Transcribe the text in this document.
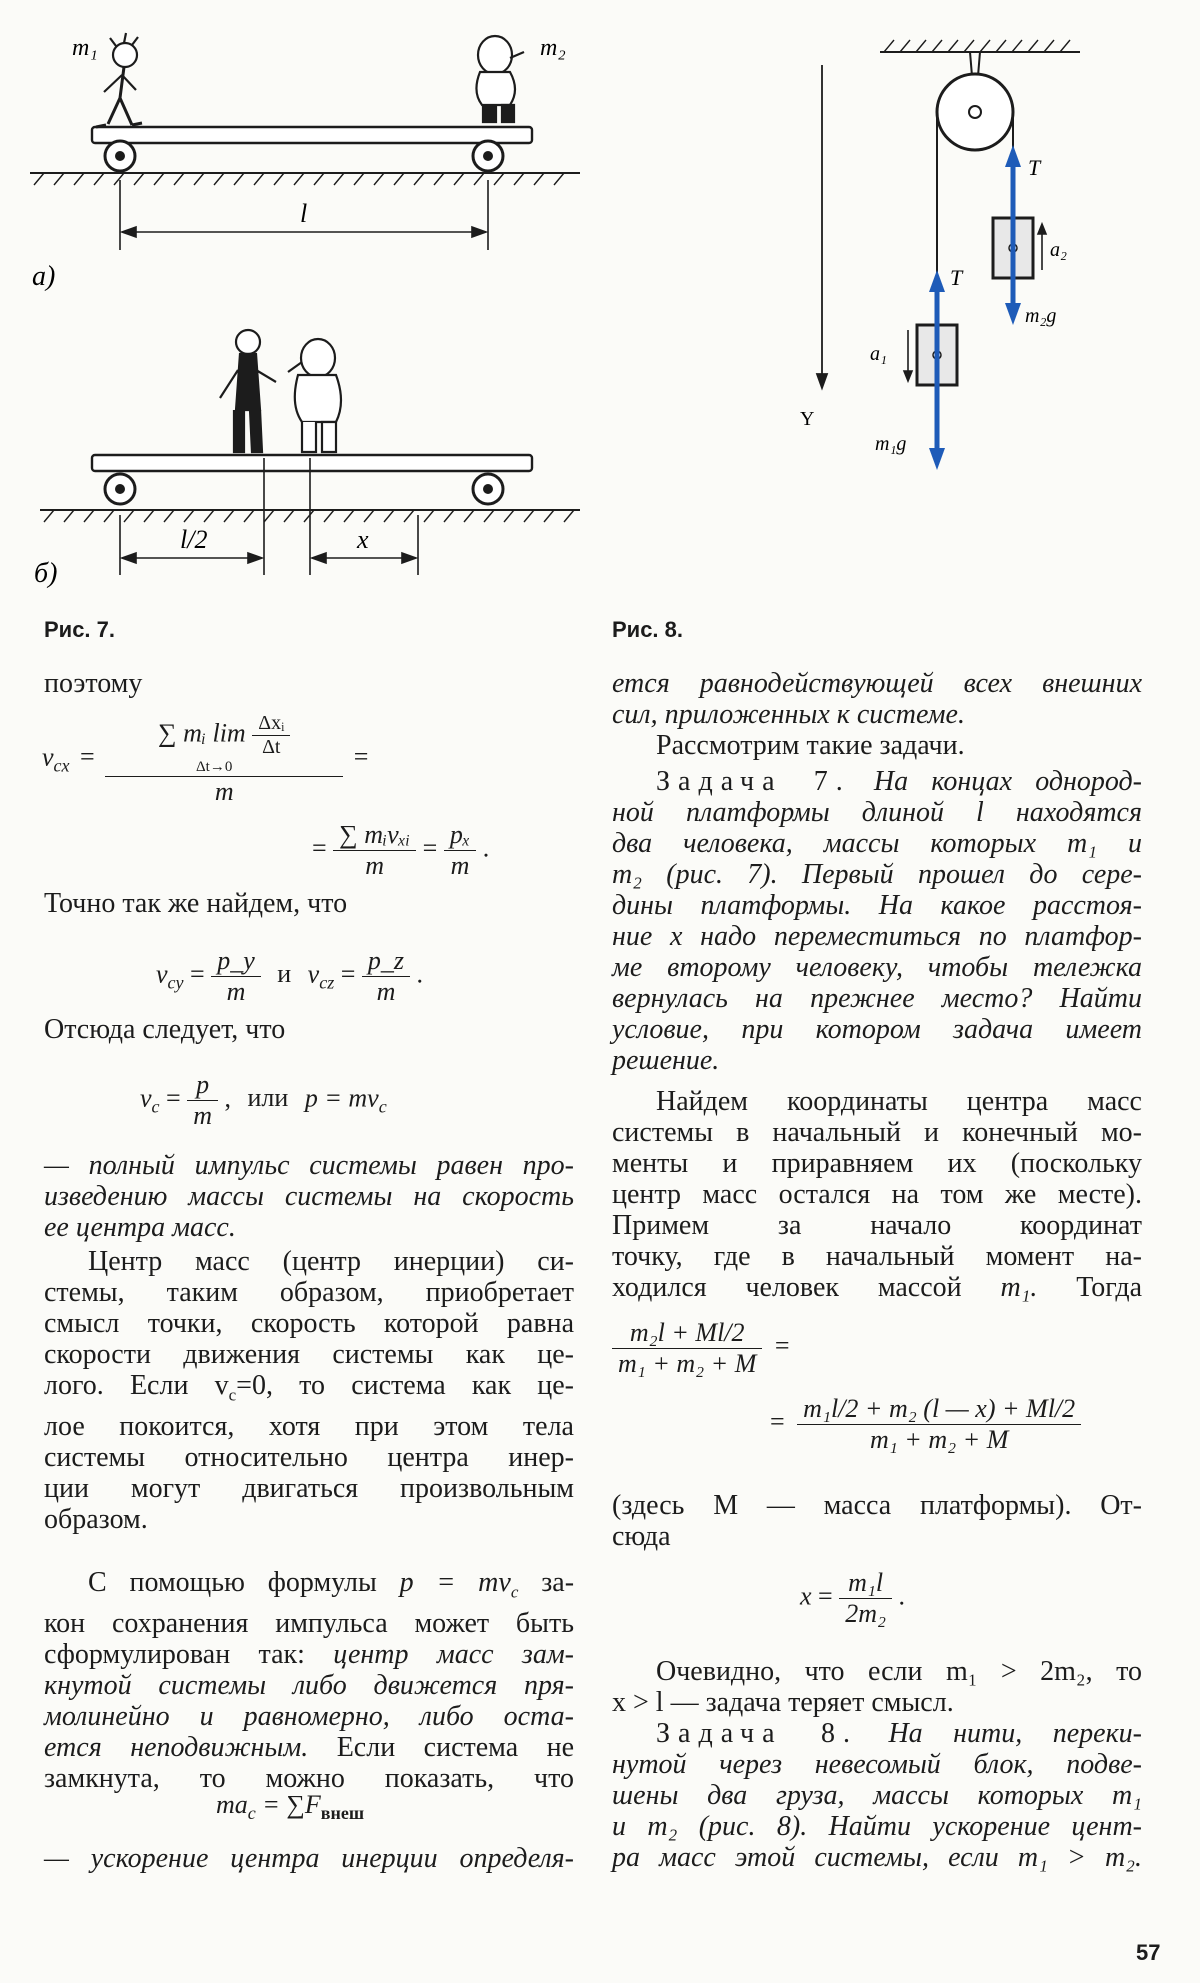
m₁	m₂
l
а)
l/2	x
б)
Рис. 7.
T
T
a₂
m₂g
a₁
m₁g
Y
Рис. 8.
поэтому
$v_{cx}$ = ∑ mᵢ $\lim \frac{\text{Δxᵢ}}{\Delta t}$
Δt→0
m =
= $\frac{\text{∑ mᵢvₓᵢ}}{m} = \frac{\text{pₓ}}{m}$ .
Точно так же найдем, что
$v_{cy} = \frac{p\_y}{m}$ и $v_{cz} = \frac{p\_z}{m}$ .
Отсюда следует, что
$v_c = \frac{p}{m}$ , или $p = mv_c$
— полный импульс системы равен про-
изведению массы системы на скорость
ее центра масс.
Центр масс (центр инерции) си-
стемы, таким образом, приобретает
смысл точки, скорость которой равна
скорости движения системы как це-
лого. Если $v_c=0$, то система как це-
лое покоится, хотя при этом тела
системы относительно центра инер-
ции могут двигаться произвольным
образом.
С помощью формулы $p = mv_c$ за-
кон сохранения импульса может быть
сформулирован так: центр масс зам-
кнутой системы либо движется пря-
молинейно и равномерно, либо оста-
ется неподвижным. Если система не
замкнута, то можно показать, что
$ma_c = \sum F_{внеш}$
— ускорение центра инерции определя-
ется равнодействующей всех внешних
сил, приложенных к системе.
Рассмотрим такие задачи.
Задача 7. На концах однород-
ной платформы длиной l находятся
два человека, массы которых m₁ и
m₂ (рис. 7). Первый прошел до сере-
дины платформы. На какое расстоя-
ние x надо переместиться по платфор-
ме второму человеку, чтобы тележка
вернулась на прежнее место? Найти
условие, при котором задача имеет
решение.
Найдем координаты центра масс
системы в начальный и конечный мо-
менты и приравняем их (поскольку
центр масс остался на том же месте).
Примем за начало координат
точку, где в начальный момент на-
ходился человек массой m₁. Тогда
$\frac{\text{m₂l + Ml/2}}{\text{m₁ + m₂ + M}}$ =
= $\frac{\text{m₁l/2 + m₂ (l — x) + Ml/2}}{\text{m₁ + m₂ + M}}$
(здесь M — масса платформы). От-
сюда
$x = \frac{\text{m₁l}}{\text{2m₂}}$ .
Очевидно, что если m₁ > 2m₂, то
x > l — задача теряет смысл.
Задача 8. На нити, переки-
нутой через невесомый блок, подве-
шены два груза, массы которых m₁
и m₂ (рис. 8). Найти ускорение цент-
ра масс этой системы, если m₁ > m₂.
57
